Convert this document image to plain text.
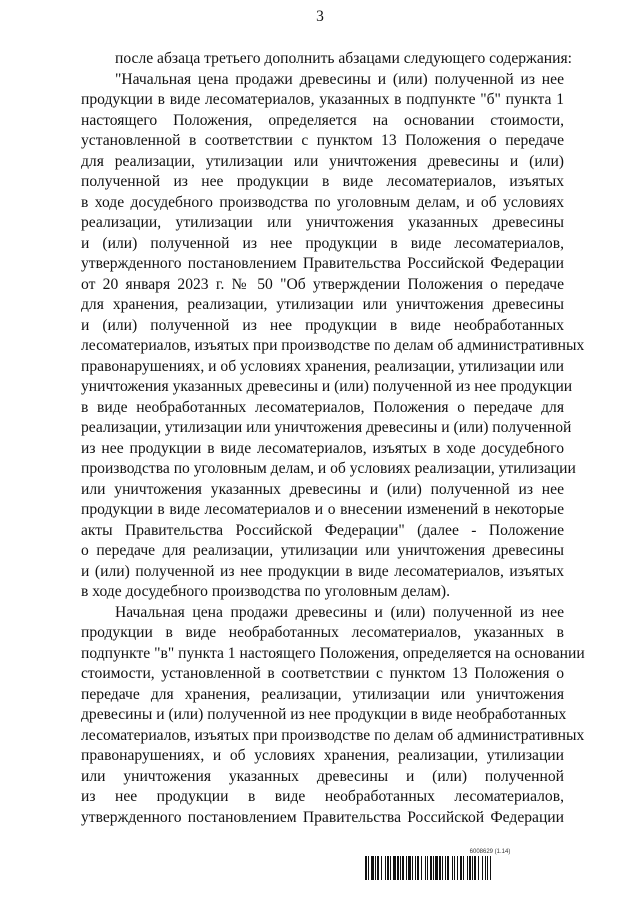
3
после абзаца третьего дополнить абзацами следующего содержания:
"Начальная цена продажи древесины и (или) полученной из нее
продукции в виде лесоматериалов, указанных в подпункте "б" пункта 1
настоящего Положения, определяется на основании стоимости,
установленной в соответствии с пунктом 13 Положения о передаче
для реализации, утилизации или уничтожения древесины и (или)
полученной из нее продукции в виде лесоматериалов, изъятых
в ходе досудебного производства по уголовным делам, и об условиях
реализации, утилизации или уничтожения указанных древесины
и (или) полученной из нее продукции в виде лесоматериалов,
утвержденного постановлением Правительства Российской Федерации
от 20 января 2023 г. № 50 "Об утверждении Положения о передаче
для хранения, реализации, утилизации или уничтожения древесины
и (или) полученной из нее продукции в виде необработанных
лесоматериалов, изъятых при производстве по делам об административных
правонарушениях, и об условиях хранения, реализации, утилизации или
уничтожения указанных древесины и (или) полученной из нее продукции
в виде необработанных лесоматериалов, Положения о передаче для
реализации, утилизации или уничтожения древесины и (или) полученной
из нее продукции в виде лесоматериалов, изъятых в ходе досудебного
производства по уголовным делам, и об условиях реализации, утилизации
или уничтожения указанных древесины и (или) полученной из нее
продукции в виде лесоматериалов и о внесении изменений в некоторые
акты Правительства Российской Федерации" (далее - Положение
о передаче для реализации, утилизации или уничтожения древесины
и (или) полученной из нее продукции в виде лесоматериалов, изъятых
в ходе досудебного производства по уголовным делам).
Начальная цена продажи древесины и (или) полученной из нее
продукции в виде необработанных лесоматериалов, указанных в
подпункте "в" пункта 1 настоящего Положения, определяется на основании
стоимости, установленной в соответствии с пунктом 13 Положения о
передаче для хранения, реализации, утилизации или уничтожения
древесины и (или) полученной из нее продукции в виде необработанных
лесоматериалов, изъятых при производстве по делам об административных
правонарушениях, и об условиях хранения, реализации, утилизации
или уничтожения указанных древесины и (или) полученной
из нее продукции в виде необработанных лесоматериалов,
утвержденного постановлением Правительства Российской Федерации
6008629 (1.14)
